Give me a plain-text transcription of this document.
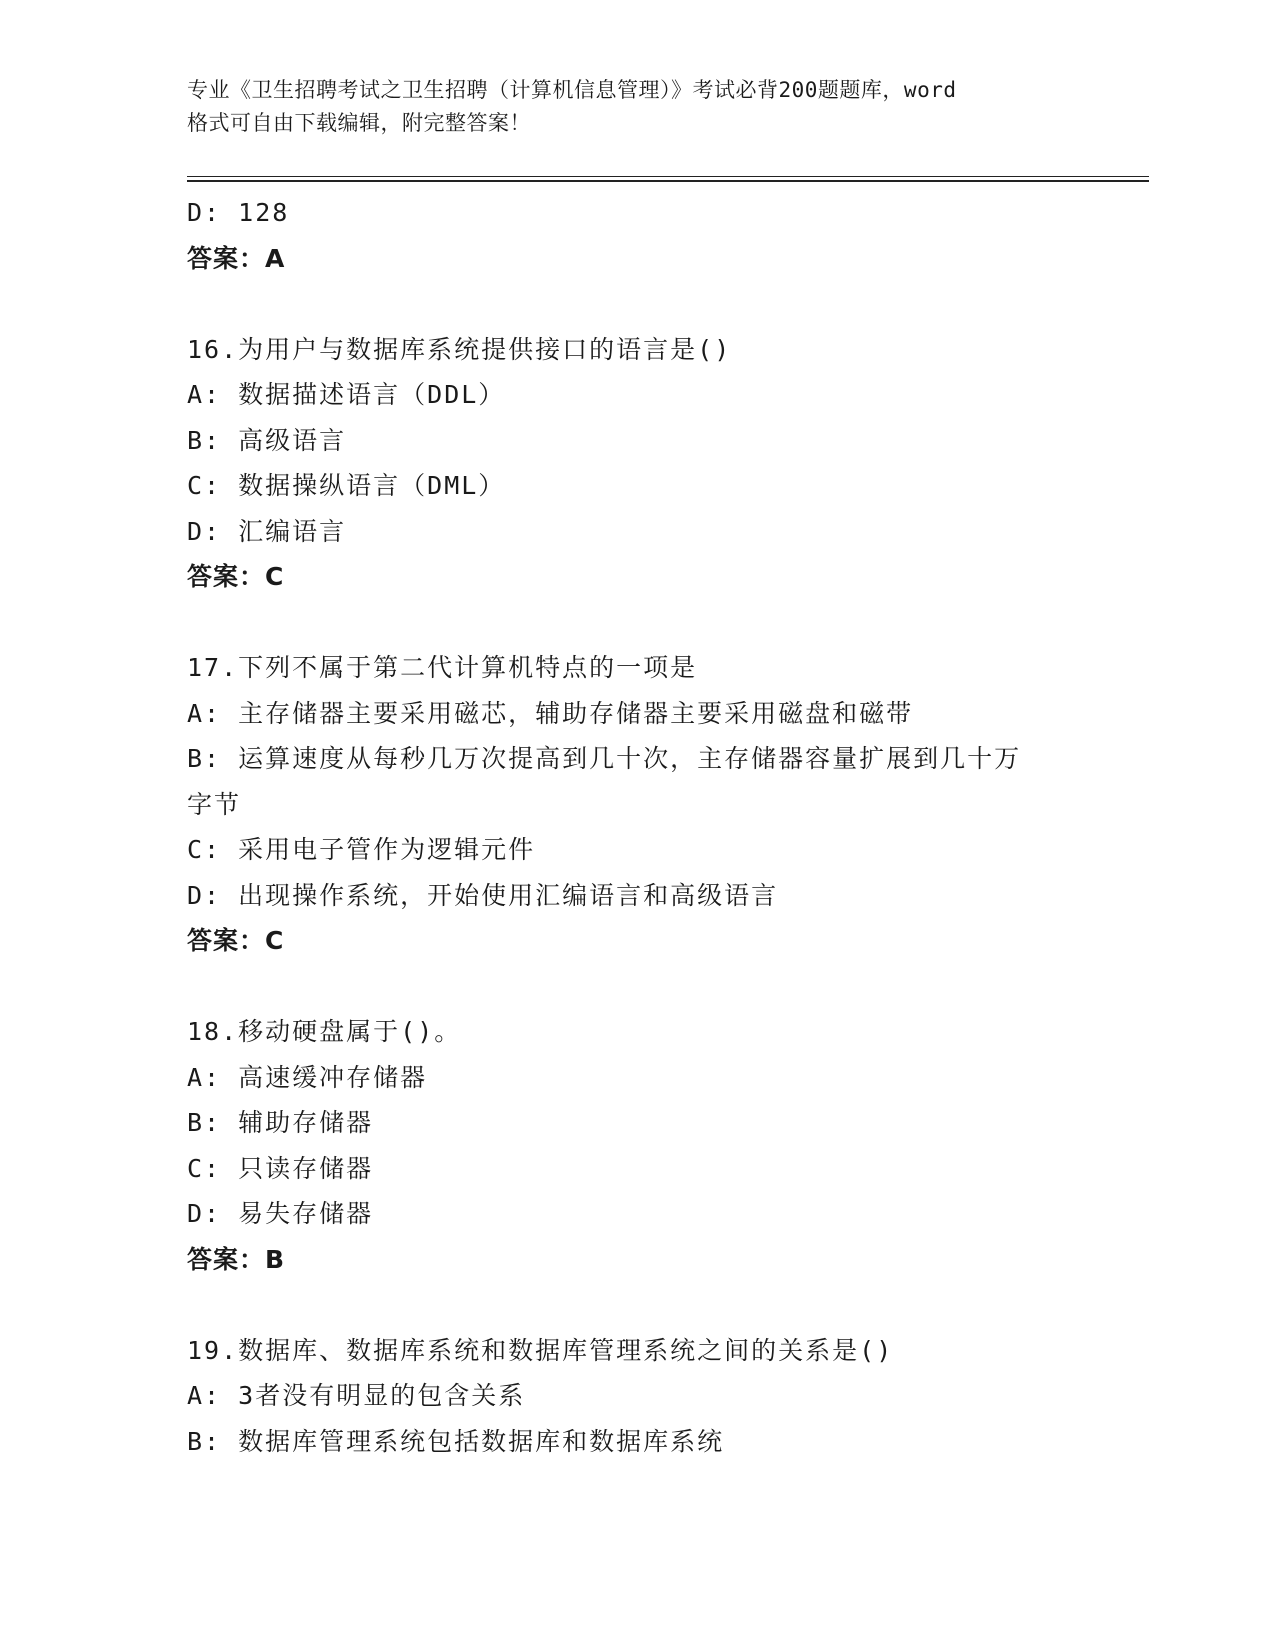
专业《卫生招聘考试之卫生招聘（计算机信息管理）》考试必背200题题库，word
格式可自由下载编辑，附完整答案！
D: 128
答案：A
16.为用户与数据库系统提供接口的语言是()
A: 数据描述语言（DDL）
B: 高级语言
C: 数据操纵语言（DML）
D: 汇编语言
答案：C
17.下列不属于第二代计算机特点的一项是
A: 主存储器主要采用磁芯，辅助存储器主要采用磁盘和磁带
B: 运算速度从每秒几万次提高到几十次，主存储器容量扩展到几十万
字节
C: 采用电子管作为逻辑元件
D: 出现操作系统，开始使用汇编语言和高级语言
答案：C
18.移动硬盘属于()。
A: 高速缓冲存储器
B: 辅助存储器
C: 只读存储器
D: 易失存储器
答案：B
19.数据库、数据库系统和数据库管理系统之间的关系是()
A: 3者没有明显的包含关系
B: 数据库管理系统包括数据库和数据库系统
